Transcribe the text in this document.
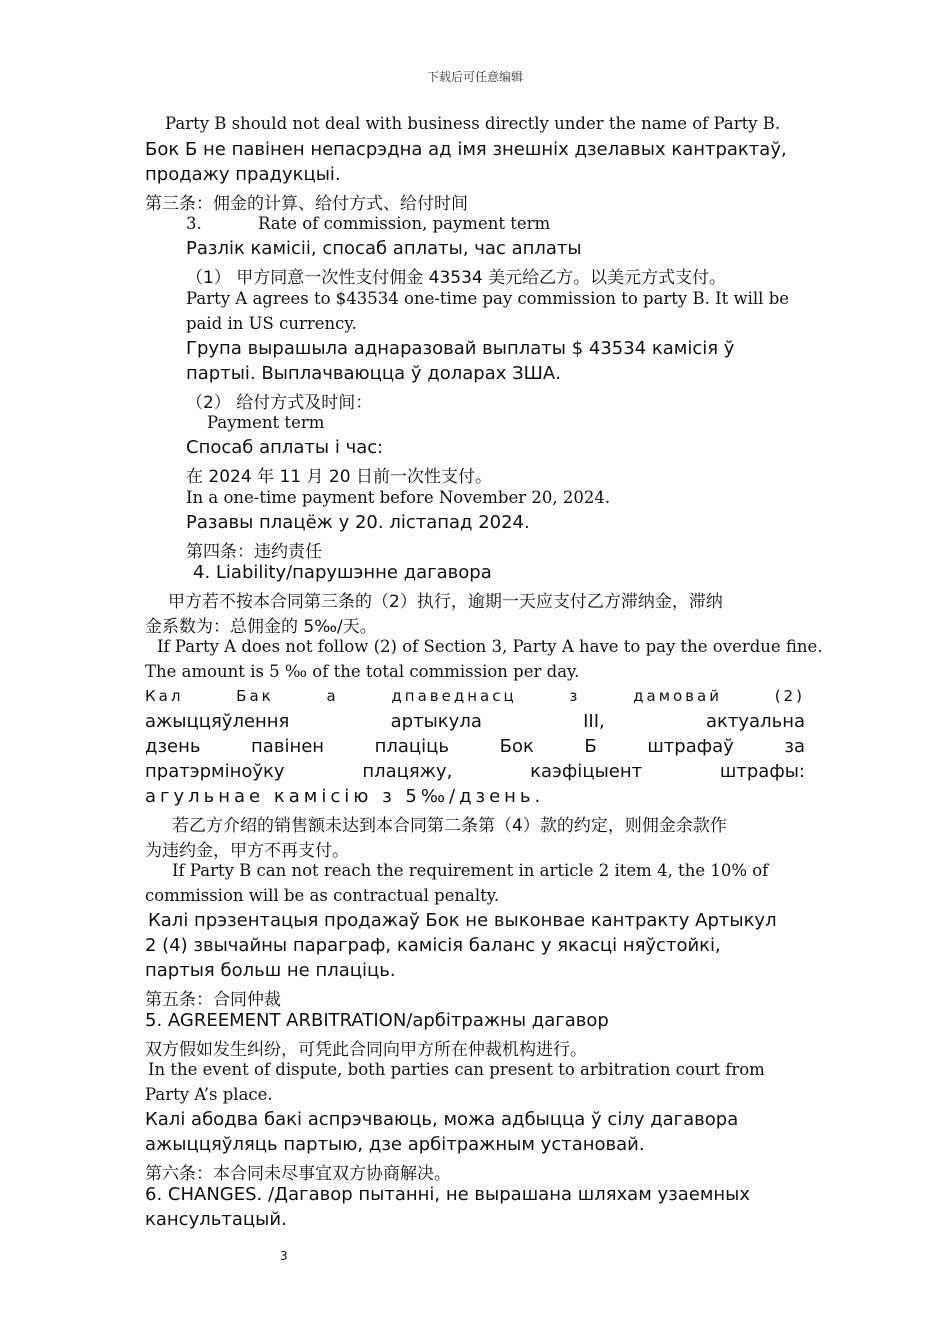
下载后可任意编辑
Party B should not deal with business directly under the name of Party B.
Бок Б не павінен непасрэдна ад імя знешніх дзелавых кантрактаў,
продажу прадукцыі.
第三条：佣金的计算、给付方式、给付时间
3.	Rate of commission, payment term
Разлік камісіі, спосаб аплаты, час аплаты
（1） 甲方同意一次性支付佣金 43534 美元给乙方。以美元方式支付。
Party A agrees to $43534 one-time pay commission to party B. It will be
paid in US currency.
Група вырашыла аднаразовай выплаты $ 43534 камісія ў
партыі. Выплачваюцца ў доларах ЗША.
（2） 给付方式及时间：
Payment term
Спосаб аплаты і час:
在 2024 年 11 月 20 日前一次性支付。
In a one-time payment before November 20, 2024.
Разавы плацёж у 20. лістапад 2024.
第四条：违约责任
4. Liability/парушэнне дагавора
甲方若不按本合同第三条的（2）执行，逾期一天应支付乙方滞纳金，滞纳
金系数为：总佣金的 5‰/天。
If Party A does not follow (2) of Section 3, Party A have to pay the overdue fine.
The amount is 5 ‰ of the total commission per day.
Кал	Бак	а	дпаведнасц	з	дамовай	(2)
ажыццяўлення	артыкула	III,	актуальна
дзень	павінен	плаціць	Бок	Б	штрафаў	за
пратэрміноўку	плацяжу,	каэфіцыент	штрафы:
агульнае камісію з 5‰/дзень.
若乙方介绍的销售额未达到本合同第二条第（4）款的约定，则佣金余款作
为违约金，甲方不再支付。
If Party B can not reach the requirement in article 2 item 4, the 10% of
commission will be as contractual penalty.
Калі прэзентацыя продажаў Бок не выконвае кантракту Артыкул
2 (4) звычайны параграф, камісія баланс у якасці няўстойкі,
партыя больш не плаціць.
第五条：合同仲裁
5. AGREEMENT ARBITRATION/арбітражны дагавор
双方假如发生纠纷，可凭此合同向甲方所在仲裁机构进行。
In the event of dispute, both parties can present to arbitration court from
Party A’s place.
Калі абодва бакі аспрэчваюць, можа адбыцца ў сілу дагавора
ажыццяўляць партыю, дзе арбітражным установай.
第六条：本合同未尽事宜双方协商解决。
6. CHANGES. /Дагавор пытанні, не вырашана шляхам узаемных
кансультацый.
3
